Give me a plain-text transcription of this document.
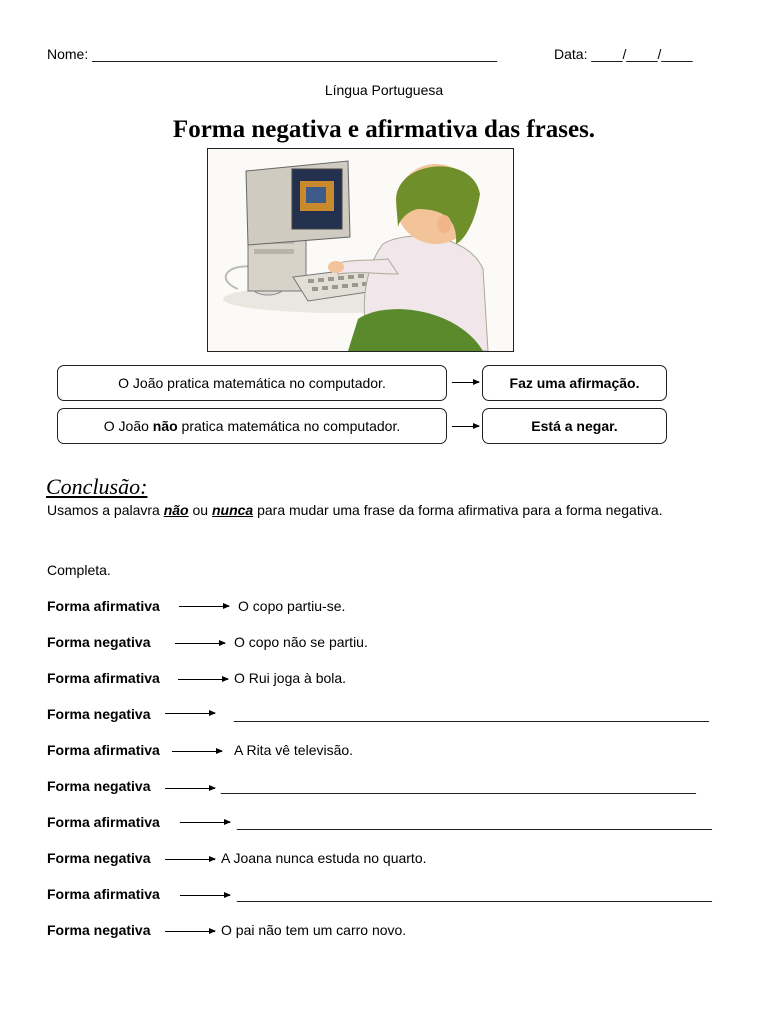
Nome: ____________________________________________________	Data: ____/____/____
Língua Portuguesa
Forma negativa e afirmativa das frases.
O João pratica matemática no computador.	Faz uma afirmação.
O João não pratica matemática no computador.	Está a negar.
Conclusão:
Usamos a palavra não ou nunca para mudar uma frase da forma afirmativa para a forma negativa.
Completa.
Forma afirmativa	O copo partiu-se.
Forma negativa	O copo não se partiu.
Forma afirmativa	O Rui joga à bola.
Forma negativa	_____________________________________________________________
Forma afirmativa	A Rita vê televisão.
Forma negativa	_____________________________________________________________
Forma afirmativa	_____________________________________________________________
Forma negativa	A Joana nunca estuda no quarto.
Forma afirmativa	_____________________________________________________________
Forma negativa	O pai não tem um carro novo.
